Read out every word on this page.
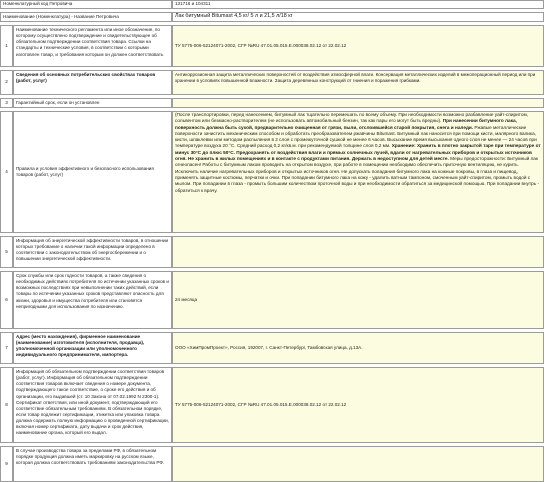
Номенклатурный код Петровича	131716 и 104311
Наименование (Номенклатура) - Название Петровича	Лак битумный Bitumast 4,5 кг/ 5 л и 21,5 л/18 кг
1
Наименование технического регламента или иное обозначение, по которому осуществлено подтверждение и свидетельствующее об обязательном подтверждении соответствия товара. Ссылки на стандарты и технические условия, в соответствии с которыми изготовлен товар, и требования которым он должен соответствовать
ТУ 5775-006-52124071-2002, СГР №RU 47.01.05.015.Е.000038.02.12 от 22.02.12
2
Сведения об основных потребительских свойствах товаров (работ, услуг)
Антикоррозионная защита металлических поверхностей от воздействия атмосферной влаги. Консервация металлических изделий в межоперационный период или при хранении в условиях повышенной влажности. Защита деревянных конструкций от гниения и поражения грибками.
3 Гарантийный срок, если он установлен
4
Правила и условия эффективного и безопасного использования товаров (работ, услуг)
(После транспортировки, перед нанесением, битумный лак тщательно перемешать по всему объему. При необходимости возможно разбавление уайт-спиритом, сольвентом или безмасно-растворителем (не использовать автомобильный бензин, так как пары его могут быть вредны). При нанесении битумного лака, поверхность должна быть сухой, предварительно очищенная от грязи, пыли, отслоившейся старой покрытия, снега и наледи. Ржавые металлические поверхности зачистить механическим способом и обработать преобразователем ржавчины Bitumast. Битумный лак наносится при помощи кисти, малярного валика, кисти, шпаклевки или методом распыления в 2 слоя с промежуточной сушкой не менее 6 часов. Высыхание время высыхания одного слоя не менее — 24 часов при температуре воздуха 20 °С. Средний расход 0,2 кг/кв.м. при рекомендуемой толщине слоя 0,2 мм. Хранение: Хранить в плотно закрытой таре при температуре от минус 30°С до плюс 50°С. Предохранять от воздействия влаги и прямых солнечных лучей, вдали от нагревательных приборов и открытых источников огня. Не хранить в жилых помещениях и в контакте с продуктами питания. Держать в недоступном для детей месте. Меры предосторожности: Битумный лак огнеопасен! Работы с битумным лаком проводить на открытом воздухе, при работе в помещении необходимо обеспечить приточную вентиляцию, не курить. Исключить наличие нагревательных приборов и открытых источников огня. Не допускать попадания битумного лака на кожные покровы, в глаза и пищевод, применять защитные костюмы, перчатки и очки. При попадании битумного лака на кожу - удалить ватным тампоном, смоченным уайт-спиритом, промыть водой с мылом. При попадании в глаза - промыть большим количеством проточной воды и при необходимости обратиться за медицинской помощью. При попадании внутрь - обратиться к врачу.
5
Информация об энергетической эффективности товаров, в отношении которых требование о наличии такой информации определено в соответствии с законодательством об энергосбережении и о повышении энергетической эффективности.
6
Срок службы или срок годности товаров, а также сведения о необходимых действиях потребителя по истечении указанных сроков и возможных последствиях при невыполнении таких действий, если товары по истечении указанных сроков представляют опасность для жизни, здоровья и имущества потребителя или становятся непригодными для использования по назначению.
24 месяца
7
Адрес (место нахождения), фирменное наименование (наименование) изготовителя (исполнителя, продавца), уполномоченной организации или уполномоченного индивидуального предпринимателя, импортера.
ООО «ХимПромПроект», Россия, 192007, г. Санкт-Петербург, Тамбовская улица, д.13А.
8
Информация об обязательном подтверждении соответствия товаров (работ, услуг). Информация об обязательном подтверждении соответствия товаров включает сведения о номере документа, подтверждающего такое соответствие, о сроке его действия и об организации, его выдавшей (ст. 10 Закона от 07.02.1992 N 2300-1). Сертификат ответствия, или иной документ, подтверждающий его соответствие обязательным требованиям. В обязательном порядке, если товар подлежит сертификации, этикетка или упаковка товара должна содержать полную информацию о проведенной сертификации, включая номер сертификата, дату выдачи и срок действия, наименование органа, который его выдал.
ТУ 5775-006-52124071-2002, СГР №RU 47.01.05.015.Е.000038.02.12 от 22.02.12
9
В случае производства товара за пределами РФ, в обязательном порядке продукция должна иметь маркировку на русском языке, которая должна соответствовать требованиям законодательства РФ.
